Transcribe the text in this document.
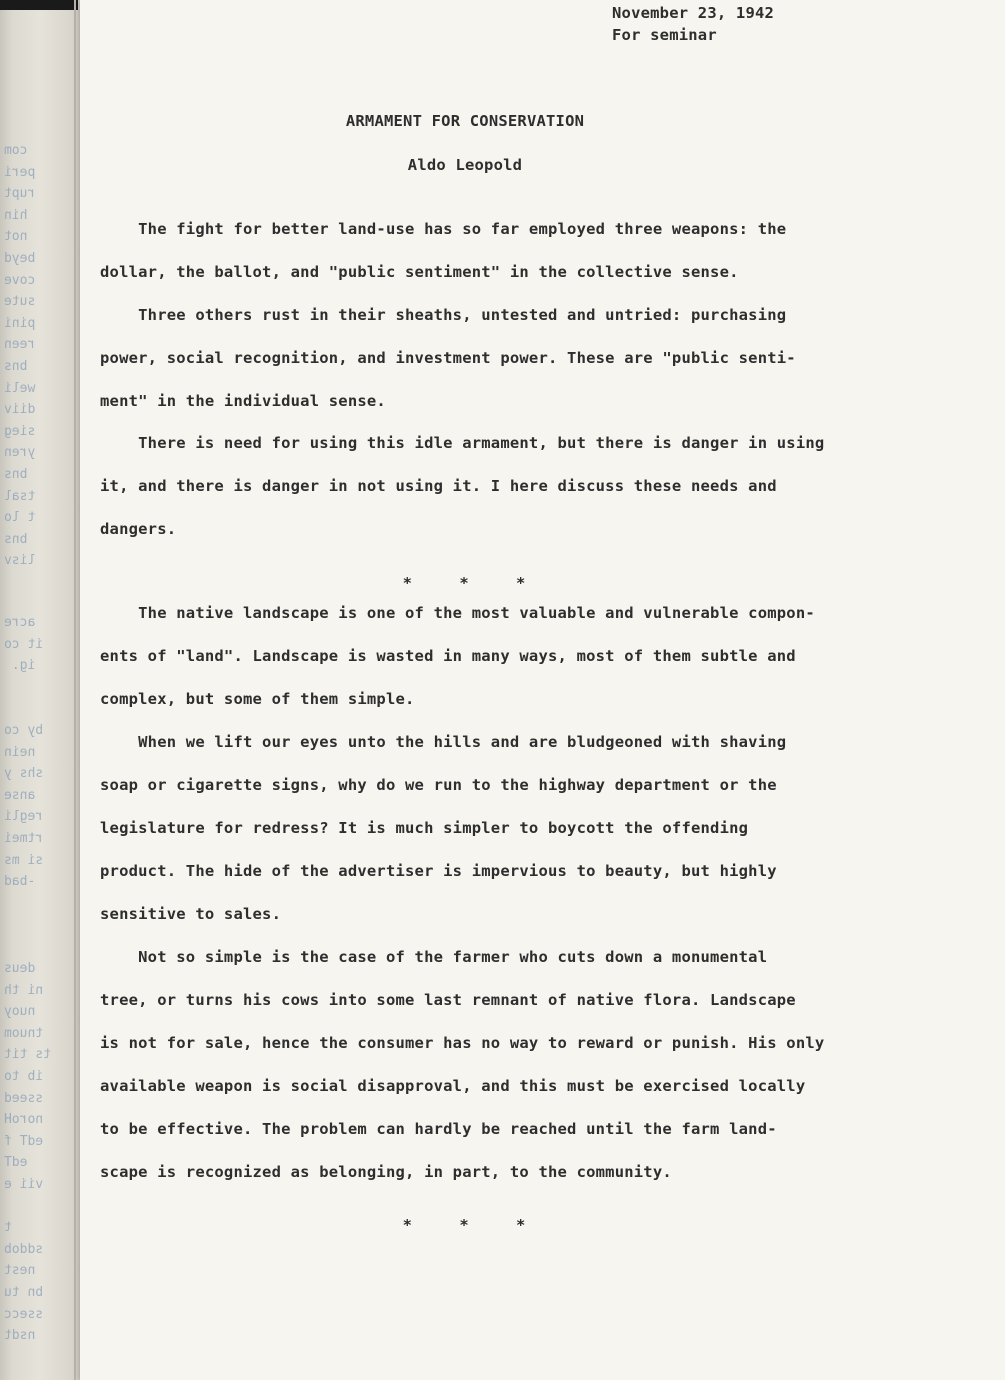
com
peri
rupt
hin
not
beyd
cove
sute
pini
reen
bns
weli
diiv
sieg
yren
bns
tsal
t lo
bns
lisv
acre
it co
ig.

by co
nein
shs y
anse
regli
rtmei
si ms
-bad
deus
ni th
nuoy
tnuom
ts tit
ib to
sseed
noroH
edT f
edT
vii e

t
sddob
nest
bn tu
ssecc
nsdt

November 23, 1942

For seminar

ARMAMENT FOR CONSERVATION

Aldo Leopold

The fight for better land-use has so far employed three weapons: the
dollar, the ballot, and "public sentiment" in the collective sense.

Three others rust in their sheaths, untested and untried: purchasing
power, social recognition, and investment power. These are "public senti-
ment" in the individual sense.

There is need for using this idle armament, but there is danger in using
it, and there is danger in not using it. I here discuss these needs and
dangers.

*    *    *

The native landscape is one of the most valuable and vulnerable compon-
ents of "land". Landscape is wasted in many ways, most of them subtle and
complex, but some of them simple.

When we lift our eyes unto the hills and are bludgeoned with shaving
soap or cigarette signs, why do we run to the highway department or the
legislature for redress? It is much simpler to boycott the offending
product. The hide of the advertiser is impervious to beauty, but highly
sensitive to sales.

Not so simple is the case of the farmer who cuts down a monumental
tree, or turns his cows into some last remnant of native flora. Landscape
is not for sale, hence the consumer has no way to reward or punish. His only
available weapon is social disapproval, and this must be exercised locally
to be effective. The problem can hardly be reached until the farm land-
scape is recognized as belonging, in part, to the community.

*    *    *
